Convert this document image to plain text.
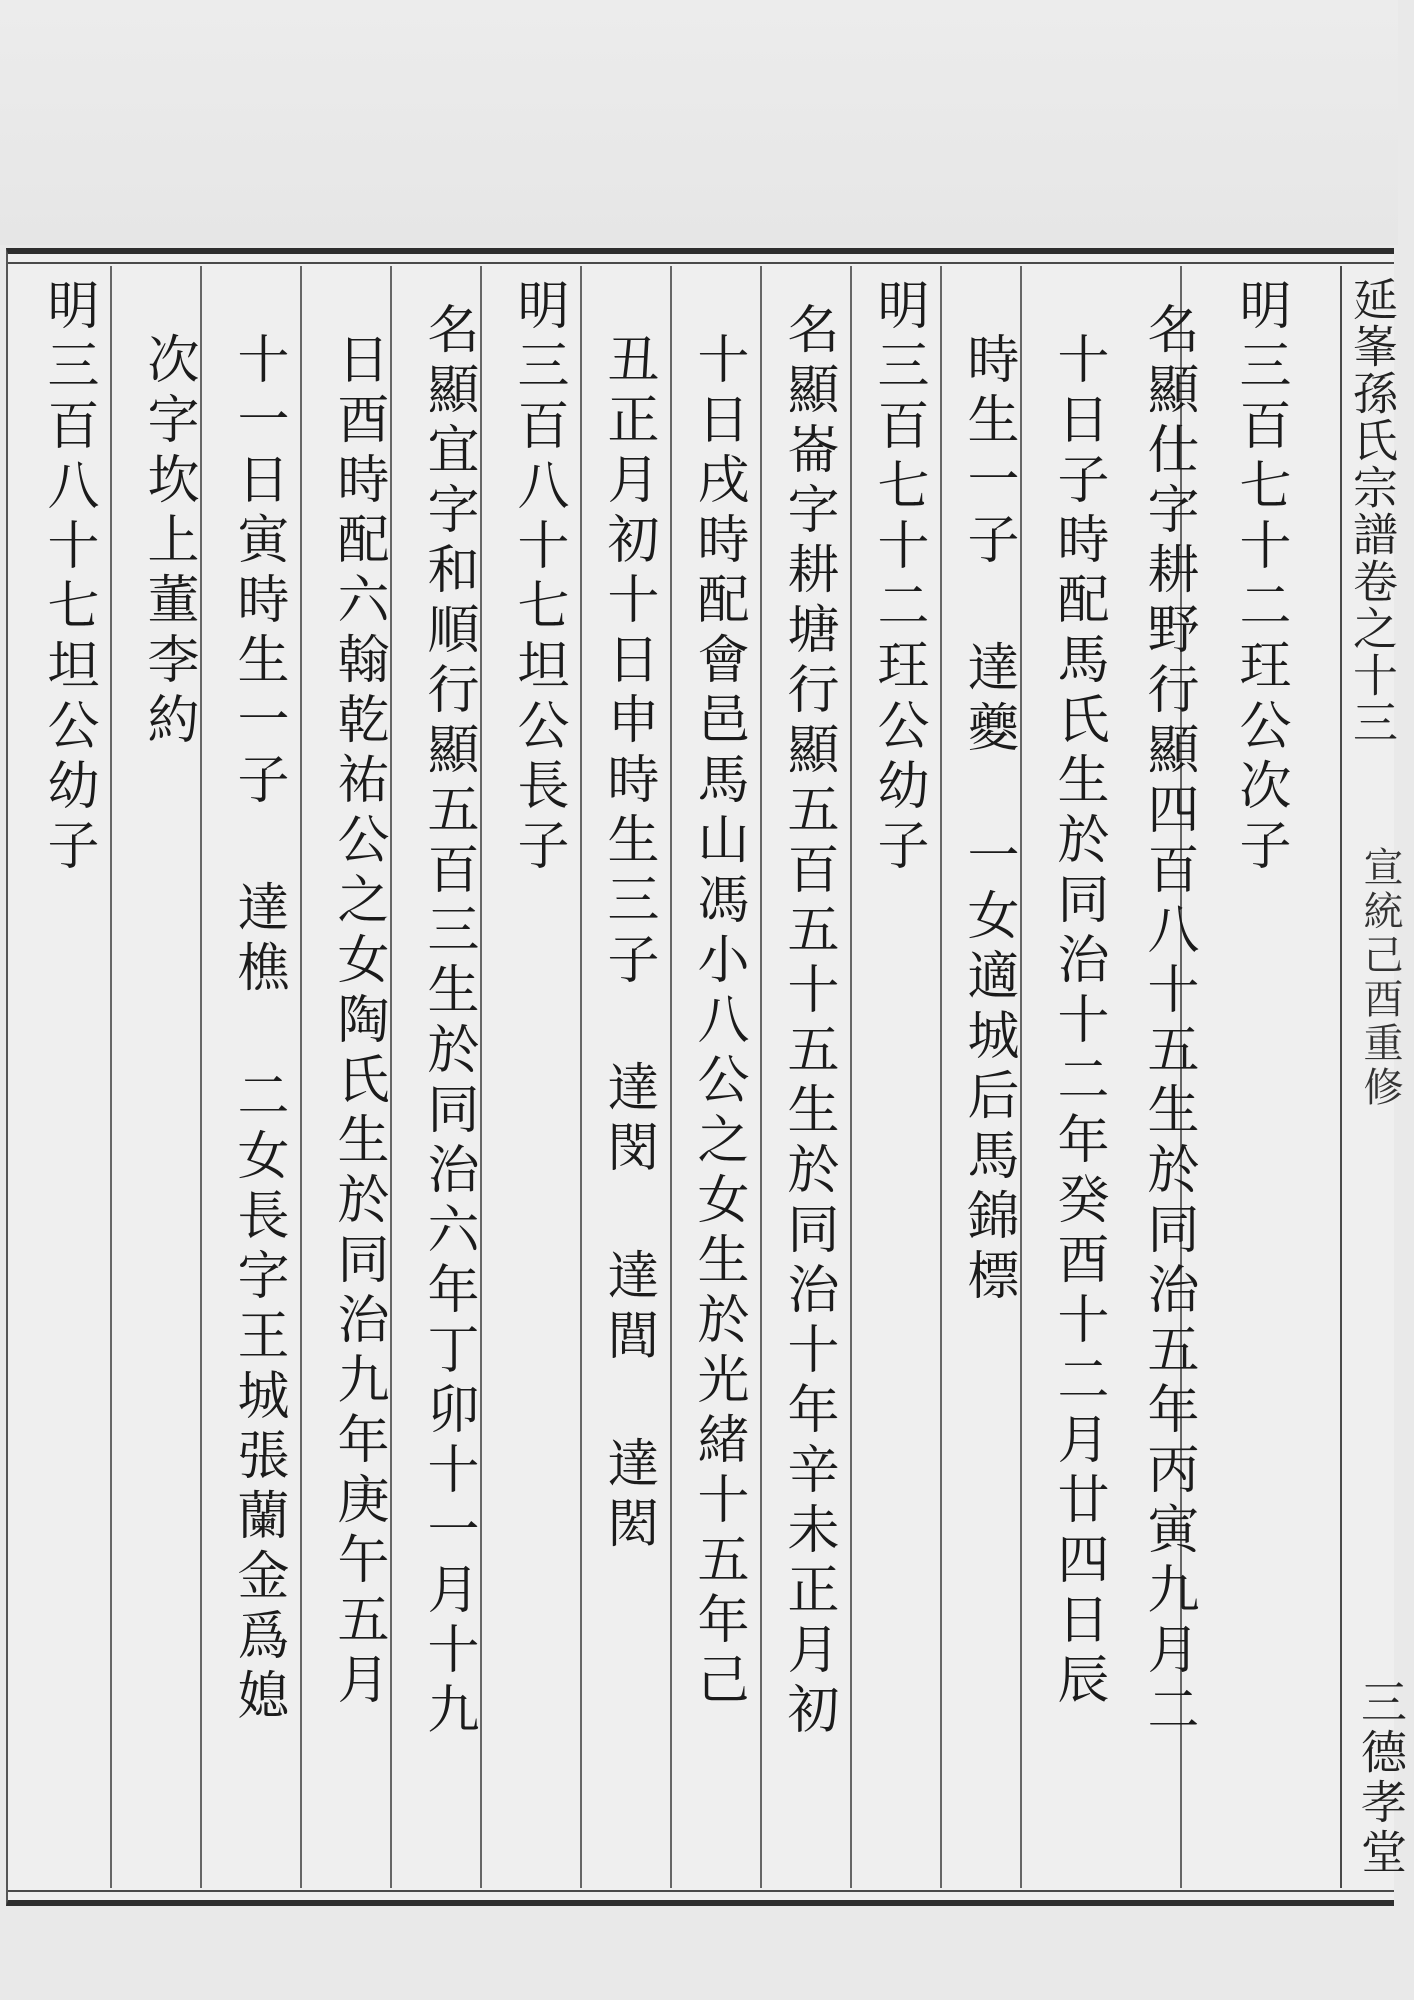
延峯孫氏宗譜卷之十三
宣統己酉重修
三德孝堂
明三百七十二玨公次子
名顯仕字耕野行顯四百八十五生於同治五年丙寅九月二
十日子時配馬氏生於同治十二年癸酉十二月廿四日辰
時生一子 達夔 一女適城后馬錦標
明三百七十二玨公幼子
名顯崙字耕塘行顯五百五十五生於同治十年辛未正月初
十日戌時配會邑馬山馮小八公之女生於光緒十五年己
丑正月初十日申時生三子 達閔 達閭 達閎
明三百八十七坦公長子
名顯宜字和順行顯五百三生於同治六年丁卯十一月十九
日酉時配六翰乾祐公之女陶氏生於同治九年庚午五月
十一日寅時生一子 達樵 二女長字王城張蘭金爲媳
次字坎上董李約
明三百八十七坦公幼子
